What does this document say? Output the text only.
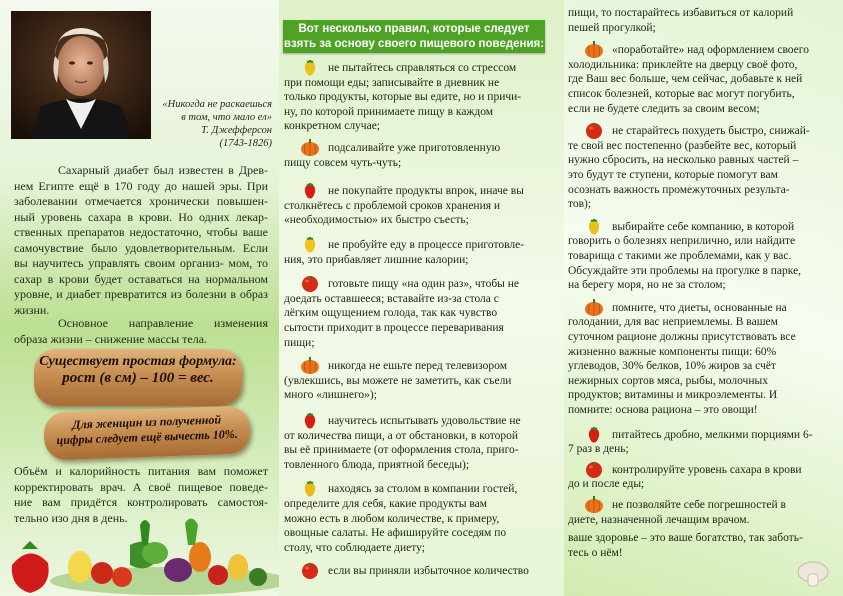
«Никогда не раскаешься
в том, что мало ел»
Т. Джефферсон
(1743-1826)
Сахарный диабет был известен в Древ- нем Египте ещё в 170 году до нашей эры. При заболевании отмечается хронически повышен- ный уровень сахара в крови. Но одних лекар- ственных препаратов недостаточно, чтобы ваше самочувствие было удовлетворительным. Если вы научитесь управлять своим организ- мом, то сахар в крови будет оставаться на нормальном уровне, и диабет превратится из болезни в образ жизни.
Основное направление изменения образа жизни – снижение массы тела.
Существует простая формула:
рост (в см) – 100 = вес.
Для женщин из полученной
цифры следует ещё вычесть 10%.
Объём и калорийность питания вам поможет корректировать врач. А своё пищевое поведе- ние вам придётся контролировать самостоя- тельно изо дня в день.
Вот несколько правил, которые следует
взять за основу своего пищевого поведения:
не пытайтесь справляться со стрессом
при помощи еды; записывайте в дневник не
только продукты, которые вы едите, но и причи-
ну, по которой принимаете пищу в каждом
конкретном случае;
подсаливайте уже приготовленную
пищу совсем чуть-чуть;
не покупайте продукты впрок, иначе вы
столкнётесь с проблемой сроков хранения и
«необходимостью» их быстро съесть;
не пробуйте еду в процессе приготовле-
ния, это прибавляет лишние калории;
готовьте пищу «на один раз», чтобы не
доедать оставшееся; вставайте из-за стола с
лёгким ощущением голода, так как чувство
сытости приходит в процессе переваривания
пищи;
никогда не ешьте перед телевизором
(увлекшись, вы можете не заметить, как съели
много «лишнего»);
научитесь испытывать удовольствие не
от количества пищи, а от обстановки, в которой
вы её принимаете (от оформления стола, приго-
товленного блюда, приятной беседы);
находясь за столом в компании гостей,
определите для себя, какие продукты вам
можно есть в любом количестве, к примеру,
овощные салаты. Не афишируйте соседям по
столу, что соблюдаете диету;
если вы приняли избыточное количество
пищи, то постарайтесь избавиться от калорий
пешей прогулкой;
«поработайте» над оформлением своего
холодильника: приклейте на дверцу своё фото,
где Ваш вес больше, чем сейчас, добавьте к ней
список болезней, которые вас могут погубить,
если не будете следить за своим весом;
не старайтесь похудеть быстро, снижай-
те свой вес постепенно (разбейте вес, который
нужно сбросить, на несколько равных частей –
это будут те ступени, которые помогут вам
осознать важность промежуточных результа-
тов);
выбирайте себе компанию, в которой
говорить о болезнях неприлично, или найдите
товарища с такими же проблемами, как у вас.
Обсуждайте эти проблемы на прогулке в парке,
на берегу моря, но не за столом;
помните, что диеты, основанные на
голодании, для вас неприемлемы. В вашем
суточном рационе должны присутствовать все
жизненно важные компоненты пищи: 60%
углеводов, 30% белков, 10% жиров за счёт
нежирных сортов мяса, рыбы, молочных
продуктов; витамины и микроэлементы. И
помните: основа рациона – это овощи!
питайтесь дробно, мелкими порциями 6-
7 раз в день;
контролируйте уровень сахара в крови
до и после еды;
не позволяйте себе погрешностей в
диете, назначенной лечащим врачом.
ваше здоровье – это ваше богатство, так заботь-
тесь о нём!
